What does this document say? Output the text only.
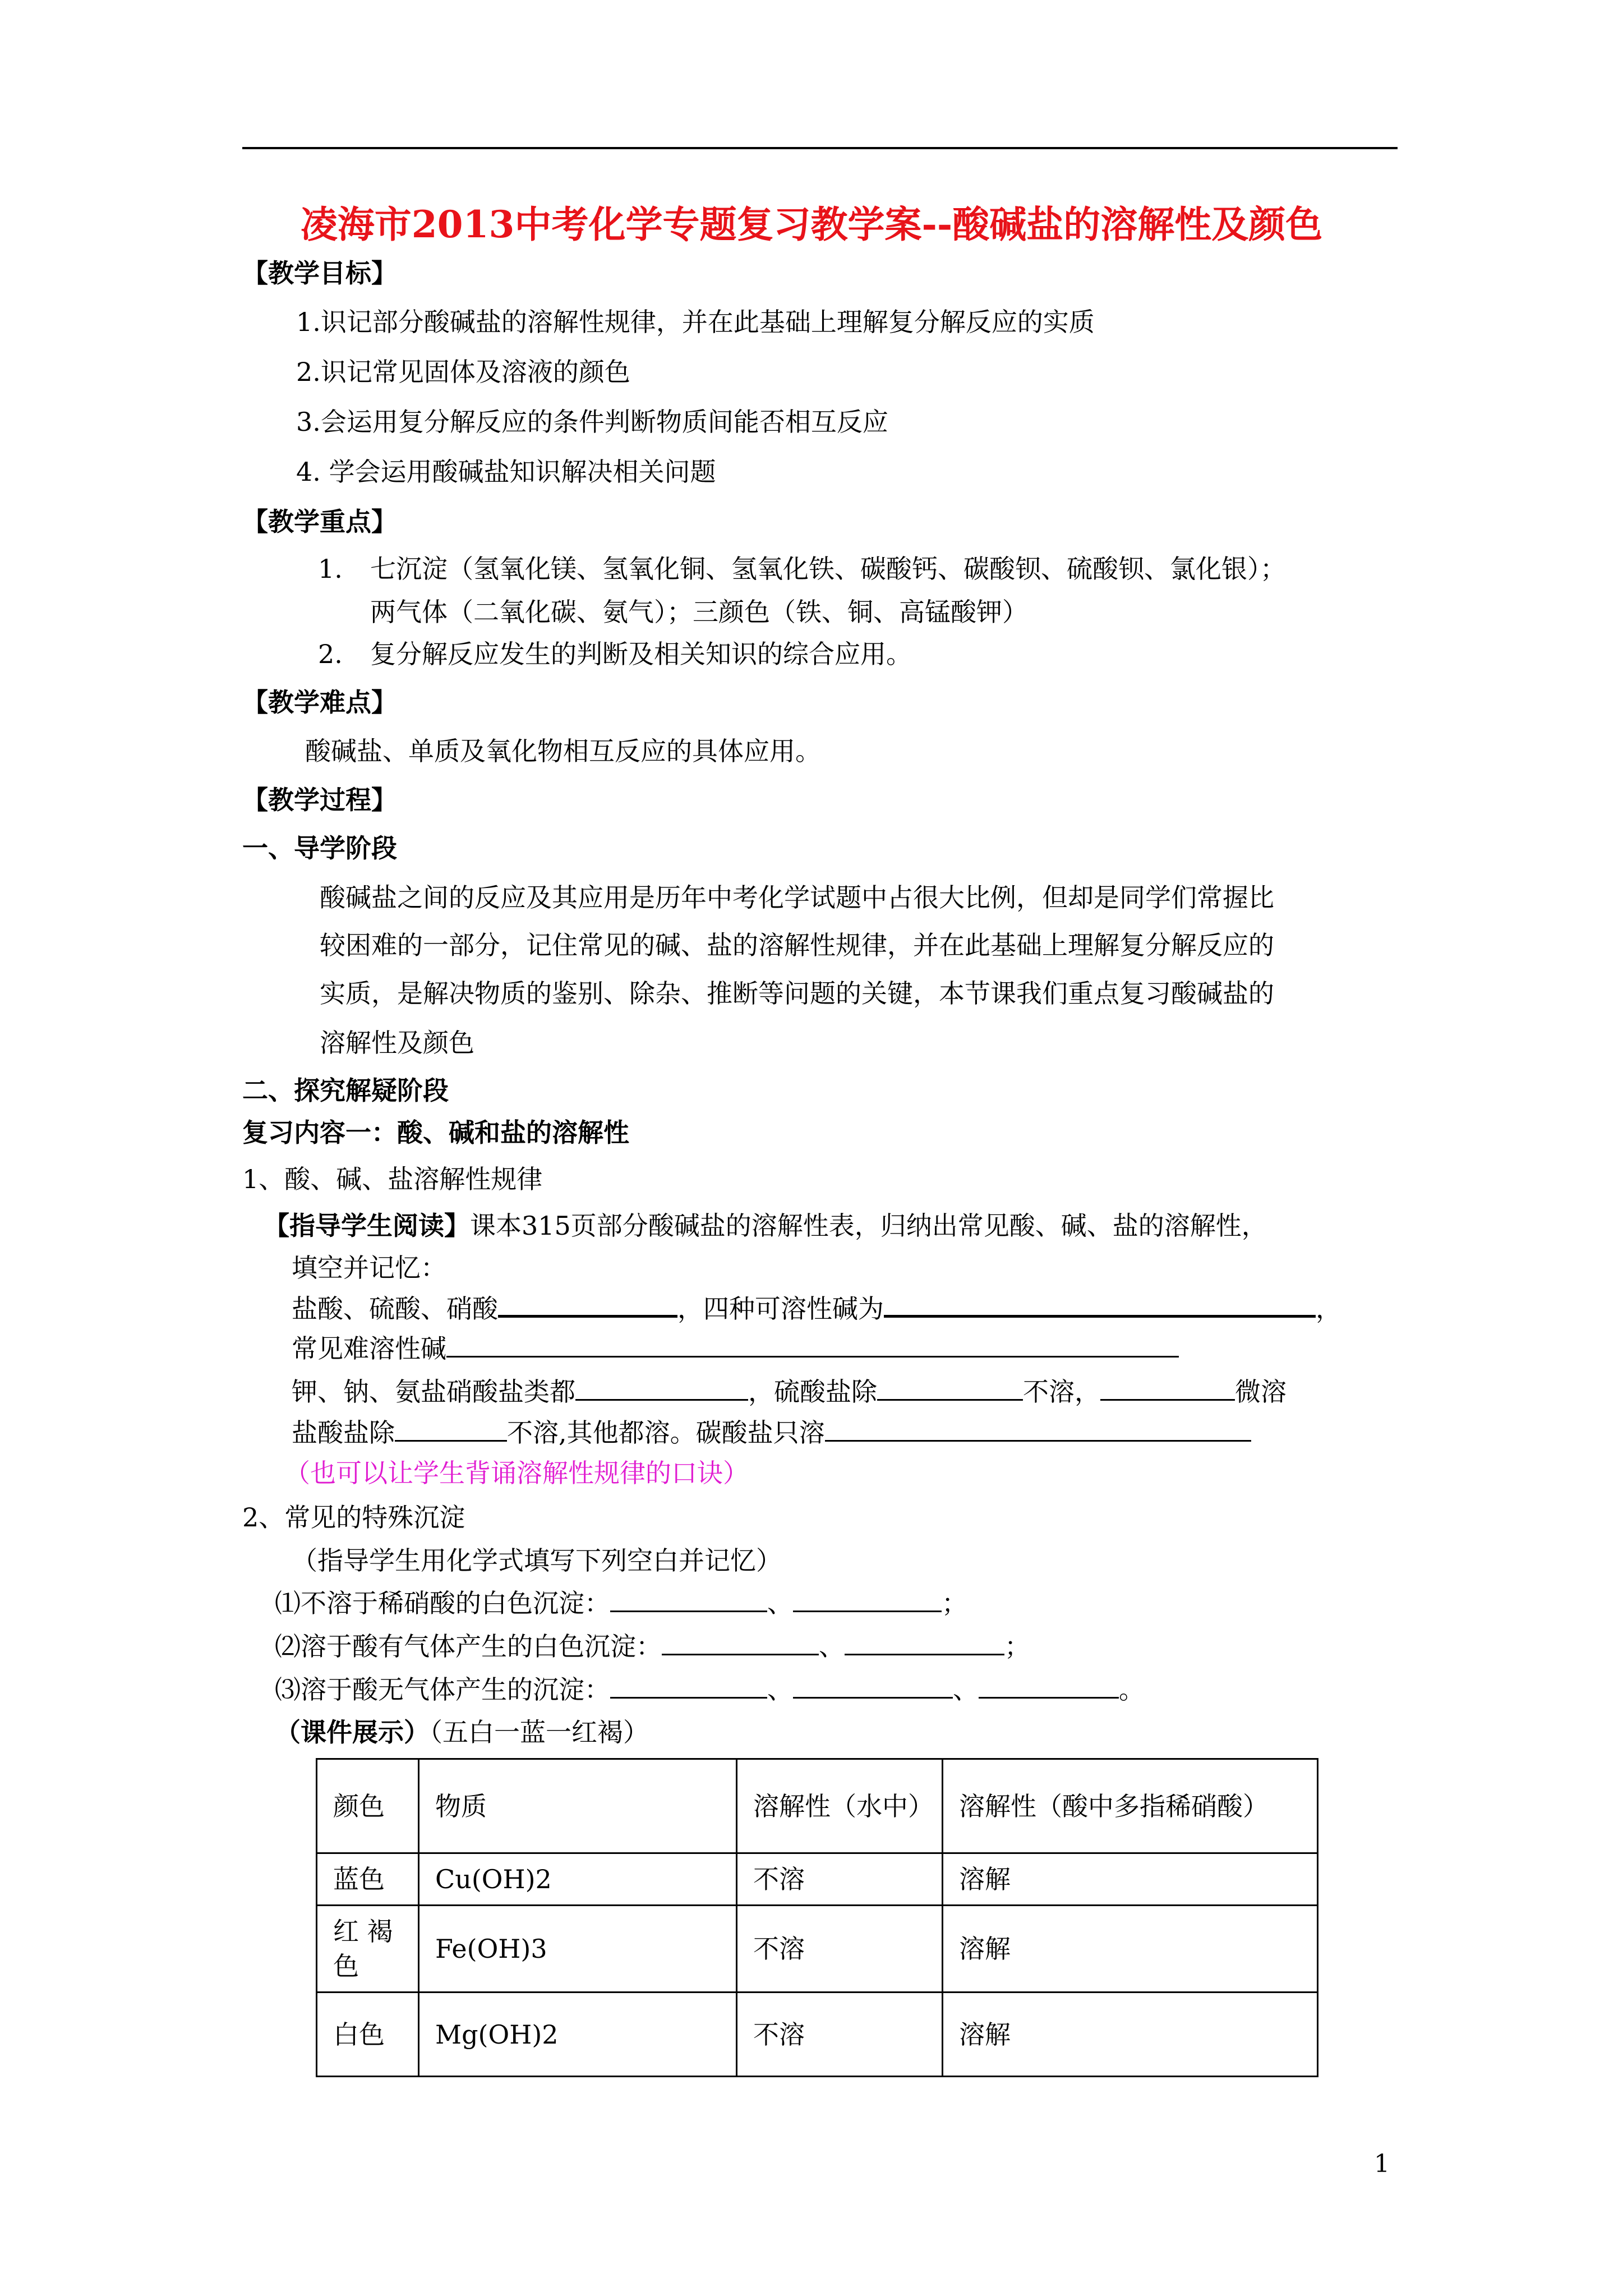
凌海市2013中考化学专题复习教学案--酸碱盐的溶解性及颜色
【教学目标】
1.识记部分酸碱盐的溶解性规律，并在此基础上理解复分解反应的实质
2.识记常见固体及溶液的颜色
3.会运用复分解反应的条件判断物质间能否相互反应
4. 学会运用酸碱盐知识解决相关问题
【教学重点】
1. 七沉淀（氢氧化镁、氢氧化铜、氢氧化铁、碳酸钙、碳酸钡、硫酸钡、氯化银）；
两气体（二氧化碳、氨气）；三颜色（铁、铜、高锰酸钾）
2. 复分解反应发生的判断及相关知识的综合应用。
【教学难点】
酸碱盐、单质及氧化物相互反应的具体应用。
【教学过程】
一、导学阶段
酸碱盐之间的反应及其应用是历年中考化学试题中占很大比例，但却是同学们常握比
较困难的一部分，记住常见的碱、盐的溶解性规律，并在此基础上理解复分解反应的
实质，是解决物质的鉴别、除杂、推断等问题的关键，本节课我们重点复习酸碱盐的
溶解性及颜色
二、探究解疑阶段
复习内容一：酸、碱和盐的溶解性
1、酸、碱、盐溶解性规律
【指导学生阅读】课本315页部分酸碱盐的溶解性表，归纳出常见酸、碱、盐的溶解性，
填空并记忆：
盐酸、硫酸、硝酸	，四种可溶性碱为	，
常见难溶性碱
钾、钠、氨盐硝酸盐类都	，硫酸盐除	不溶，	微溶
盐酸盐除	不溶,其他都溶。碳酸盐只溶
（也可以让学生背诵溶解性规律的口诀）
2、常见的特殊沉淀
（指导学生用化学式填写下列空白并记忆）
⑴不溶于稀硝酸的白色沉淀：	、	；
⑵溶于酸有气体产生的白色沉淀：	、	；
⑶溶于酸无气体产生的沉淀：	、	、	。
（课件展示）（五白一蓝一红褐）
颜色	物质	溶解性（水中）	溶解性（酸中多指稀硝酸）
蓝色	Cu(OH)2	不溶	溶解
红 褐色	Fe(OH)3	不溶	溶解
白色	Mg(OH)2	不溶	溶解
1
